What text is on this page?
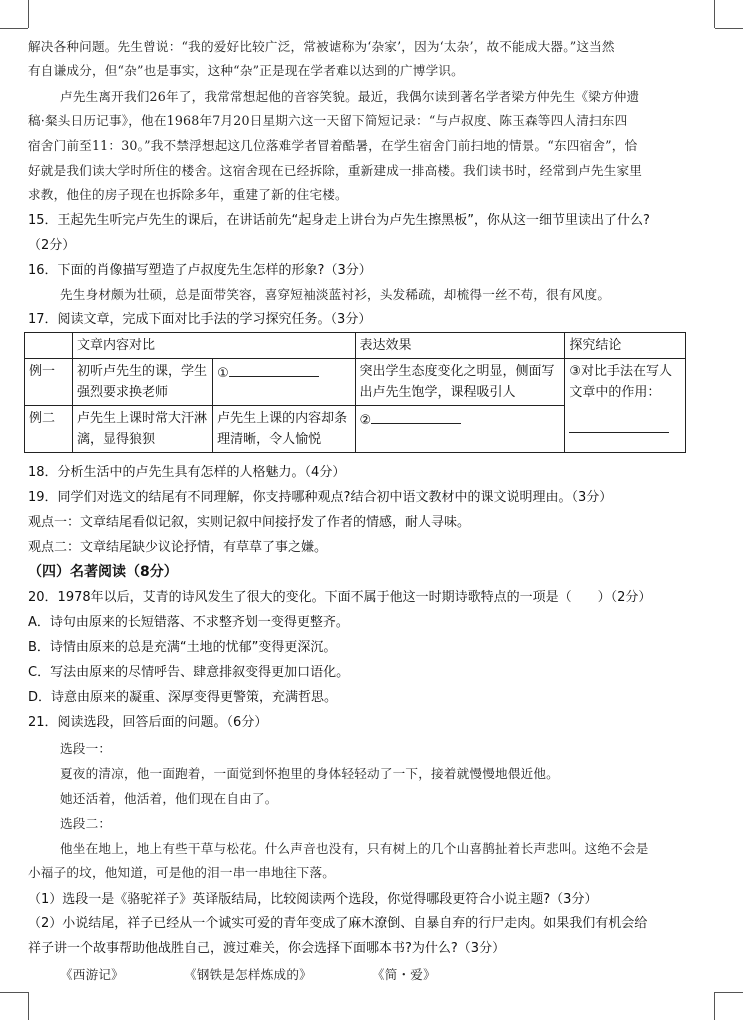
解决各种问题。先生曾说：“我的爱好比较广泛，常被谑称为‘杂家’，因为‘太杂’，故不能成大器。”这当然
有自谦成分，但“杂”也是事实，这种“杂”正是现在学者难以达到的广博学识。
卢先生离开我们26年了，我常常想起他的音容笑貌。最近，我偶尔读到著名学者梁方仲先生《梁方仲遗
稿·粲头日历记事》，他在1968年7月20日星期六这一天留下简短记录：“与卢叔度、陈玉森等四人清扫东四
宿舍门前至11：30。”我不禁浮想起这几位落难学者冒着酷暑，在学生宿舍门前扫地的情景。“东四宿舍”，恰
好就是我们读大学时所住的楼舍。这宿舍现在已经拆除，重新建成一排高楼。我们读书时，经常到卢先生家里
求教，他住的房子现在也拆除多年，重建了新的住宅楼。
15．王起先生听完卢先生的课后，在讲话前先“起身走上讲台为卢先生擦黑板”，你从这一细节里读出了什么?
（2分）
16．下面的肖像描写塑造了卢叔度先生怎样的形象?（3分）
先生身材颇为壮硕，总是面带笑容，喜穿短袖淡蓝衬衫，头发稀疏，却梳得一丝不苟，很有风度。
17．阅读文章，完成下面对比手法的学习探究任务。（3分）
	文章内容对比		表达效果	探究结论
例一	初听卢先生的课，学生强烈要求换老师	①	突出学生态度变化之明显，侧面写出卢先生饱学，课程吸引人	③对比手法在写人文章中的作用：

例二	卢先生上课时常大汗淋漓，显得狼狈	卢先生上课的内容却条理清晰，令人愉悦	②	
18．分析生活中的卢先生具有怎样的人格魅力。（4分）
19．同学们对选文的结尾有不同理解，你支持哪种观点?结合初中语文教材中的课文说明理由。（3分）
观点一：文章结尾看似记叙，实则记叙中间接抒发了作者的情感，耐人寻味。
观点二：文章结尾缺少议论抒情，有草草了事之嫌。
（四）名著阅读（8分）
20．1978年以后，艾青的诗风发生了很大的变化。下面不属于他这一时期诗歌特点的一项是（　　）（2分）
A．诗句由原来的长短错落、不求整齐划一变得更整齐。
B．诗情由原来的总是充满“土地的忧郁”变得更深沉。
C．写法由原来的尽情呼告、肆意排叙变得更加口语化。
D．诗意由原来的凝重、深厚变得更警策，充满哲思。
21．阅读选段，回答后面的问题。（6分）
选段一：
夏夜的清凉，他一面跑着，一面觉到怀抱里的身体轻轻动了一下，接着就慢慢地偎近他。
她还活着，他活着，他们现在自由了。
选段二：
他坐在地上，地上有些干草与松花。什么声音也没有，只有树上的几个山喜鹊扯着长声悲叫。这绝不会是
小福子的坟，他知道，可是他的泪一串一串地往下落。
（1）选段一是《骆驼祥子》英译版结局，比较阅读两个选段，你觉得哪段更符合小说主题?（3分）
（2）小说结尾，祥子已经从一个诚实可爱的青年变成了麻木潦倒、自暴自弃的行尸走肉。如果我们有机会给
祥子讲一个故事帮助他战胜自己，渡过难关，你会选择下面哪本书?为什么?（3分）
《西游记》	《钢铁是怎样炼成的》	《简・爱》
